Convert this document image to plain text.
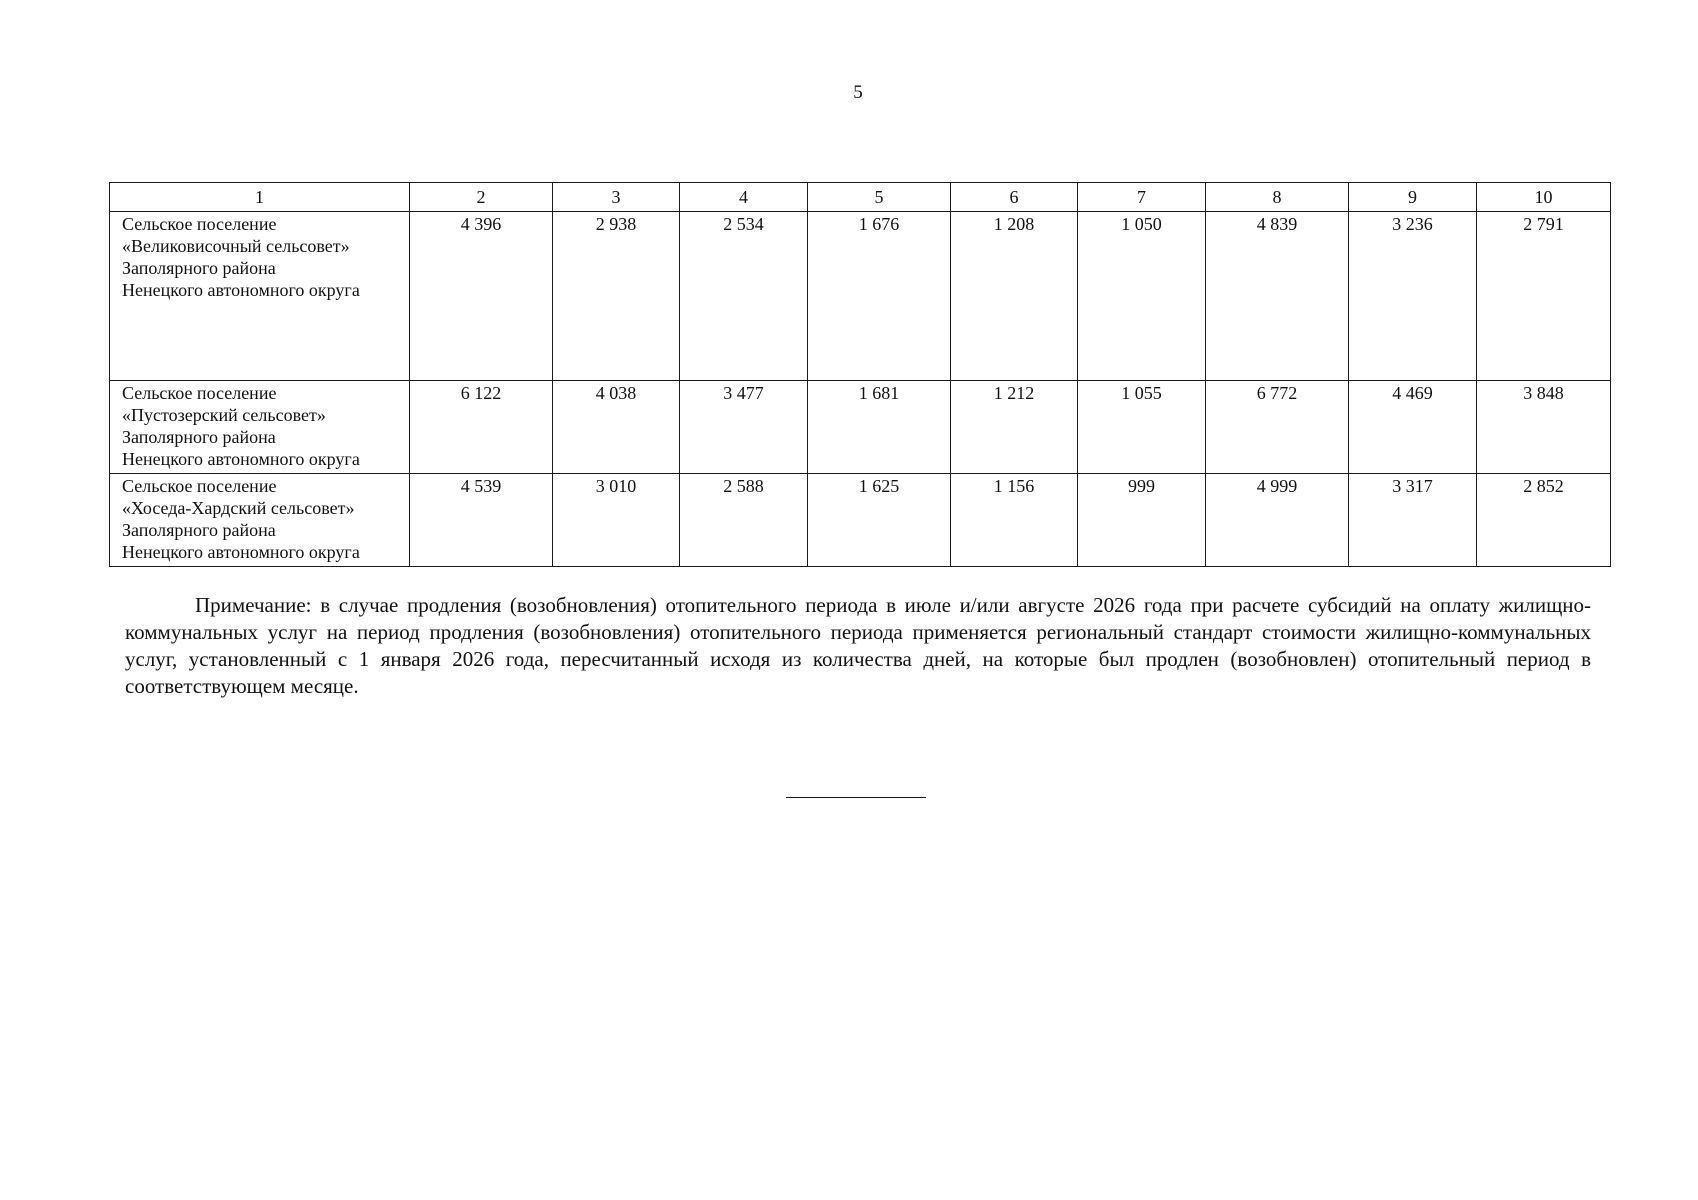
5
1	2	3	4	5	6	7	8	9	10

Сельское поселение
«Великовисочный сельсовет»
Заполярного района
Ненецкого автономного округа	4 396	2 938	2 534	1 676	1 208	1 050	4 839	3 236	2 791

Сельское поселение
«Пустозерский сельсовет»
Заполярного района
Ненецкого автономного округа	6 122	4 038	3 477	1 681	1 212	1 055	6 772	4 469	3 848

Сельское поселение
«Хоседа-Хардский сельсовет»
Заполярного района
Ненецкого автономного округа	4 539	3 010	2 588	1 625	1 156	999	4 999	3 317	2 852

Примечание: в случае продления (возобновления) отопительного периода в июле и/или августе 2026 года при расчете субсидий на оплату жилищно-коммунальных услуг на период продления (возобновления) отопительного периода применяется региональный стандарт стоимости жилищно-коммунальных услуг, установленный с 1 января 2026 года, пересчитанный исходя из количества дней, на которые был продлен (возобновлен) отопительный период в соответствующем месяце.
